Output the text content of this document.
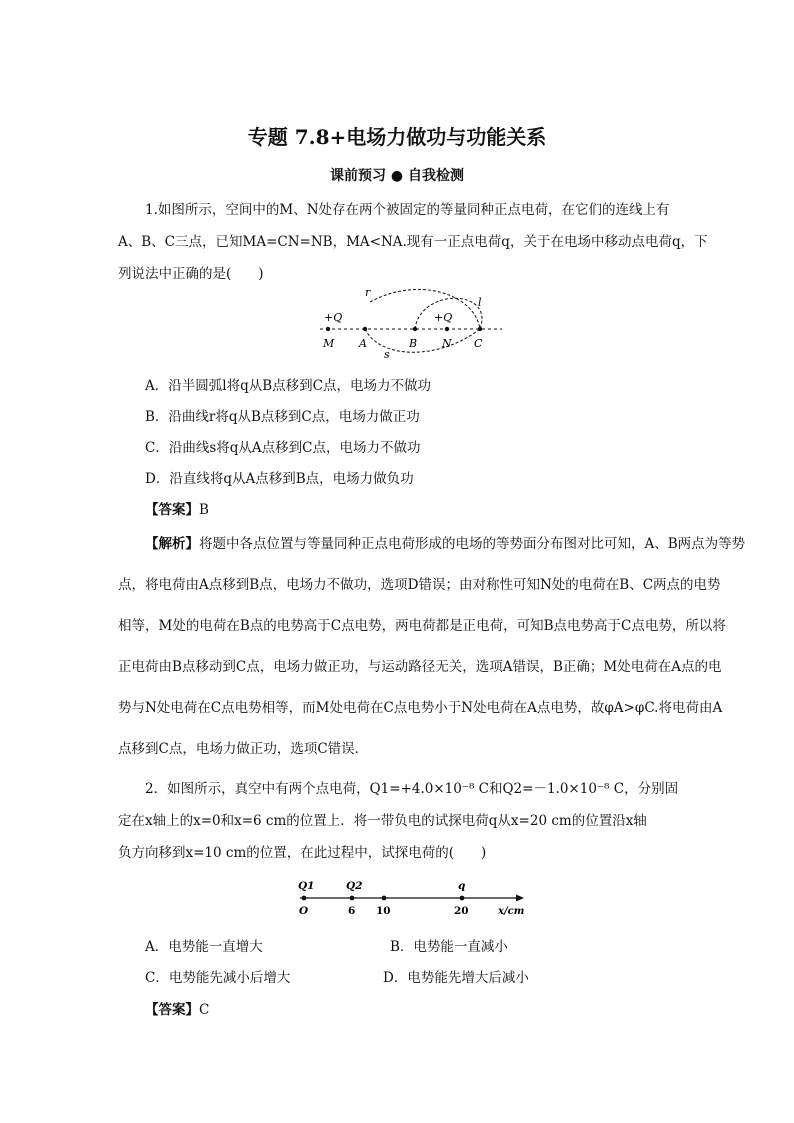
专题 7.8+电场力做功与功能关系
课前预习 ● 自我检测
1.如图所示，空间中的M、N处存在两个被固定的等量同种正点电荷，在它们的连线上有
A、B、C三点，已知MA=CN=NB，MA<NA.现有一正点电荷q，关于在电场中移动点电荷q，下
列说法中正确的是(　　)
+Q	+Q
M A	B N C
r
l
s
A．沿半圆弧l将q从B点移到C点，电场力不做功
B．沿曲线r将q从B点移到C点，电场力做正功
C．沿曲线s将q从A点移到C点，电场力不做功
D．沿直线将q从A点移到B点，电场力做负功
【答案】B
【解析】将题中各点位置与等量同种正点电荷形成的电场的等势面分布图对比可知，A、B两点为等势
点，将电荷由A点移到B点，电场力不做功，选项D错误；由对称性可知N处的电荷在B、C两点的电势
相等，M处的电荷在B点的电势高于C点电势，两电荷都是正电荷，可知B点电势高于C点电势，所以将
正电荷由B点移动到C点，电场力做正功，与运动路径无关，选项A错误，B正确；M处电荷在A点的电
势与N处电荷在C点电势相等，而M处电荷在C点电势小于N处电荷在A点电势，故φA>φC.将电荷由A
点移到C点，电场力做正功，选项C错误．
2．如图所示，真空中有两个点电荷，Q1=+4.0×10⁻⁸ C和Q2=－1.0×10⁻⁸ C，分别固
定在x轴上的x=0和x=6 cm的位置上．将一带负电的试探电荷q从x=20 cm的位置沿x轴
负方向移到x=10 cm的位置，在此过程中，试探电荷的(　　)
Q1	Q2	q
O	6 10	20	x/cm
A．电势能一直增大	B．电势能一直减小
C．电势能先减小后增大	D．电势能先增大后减小
【答案】C
